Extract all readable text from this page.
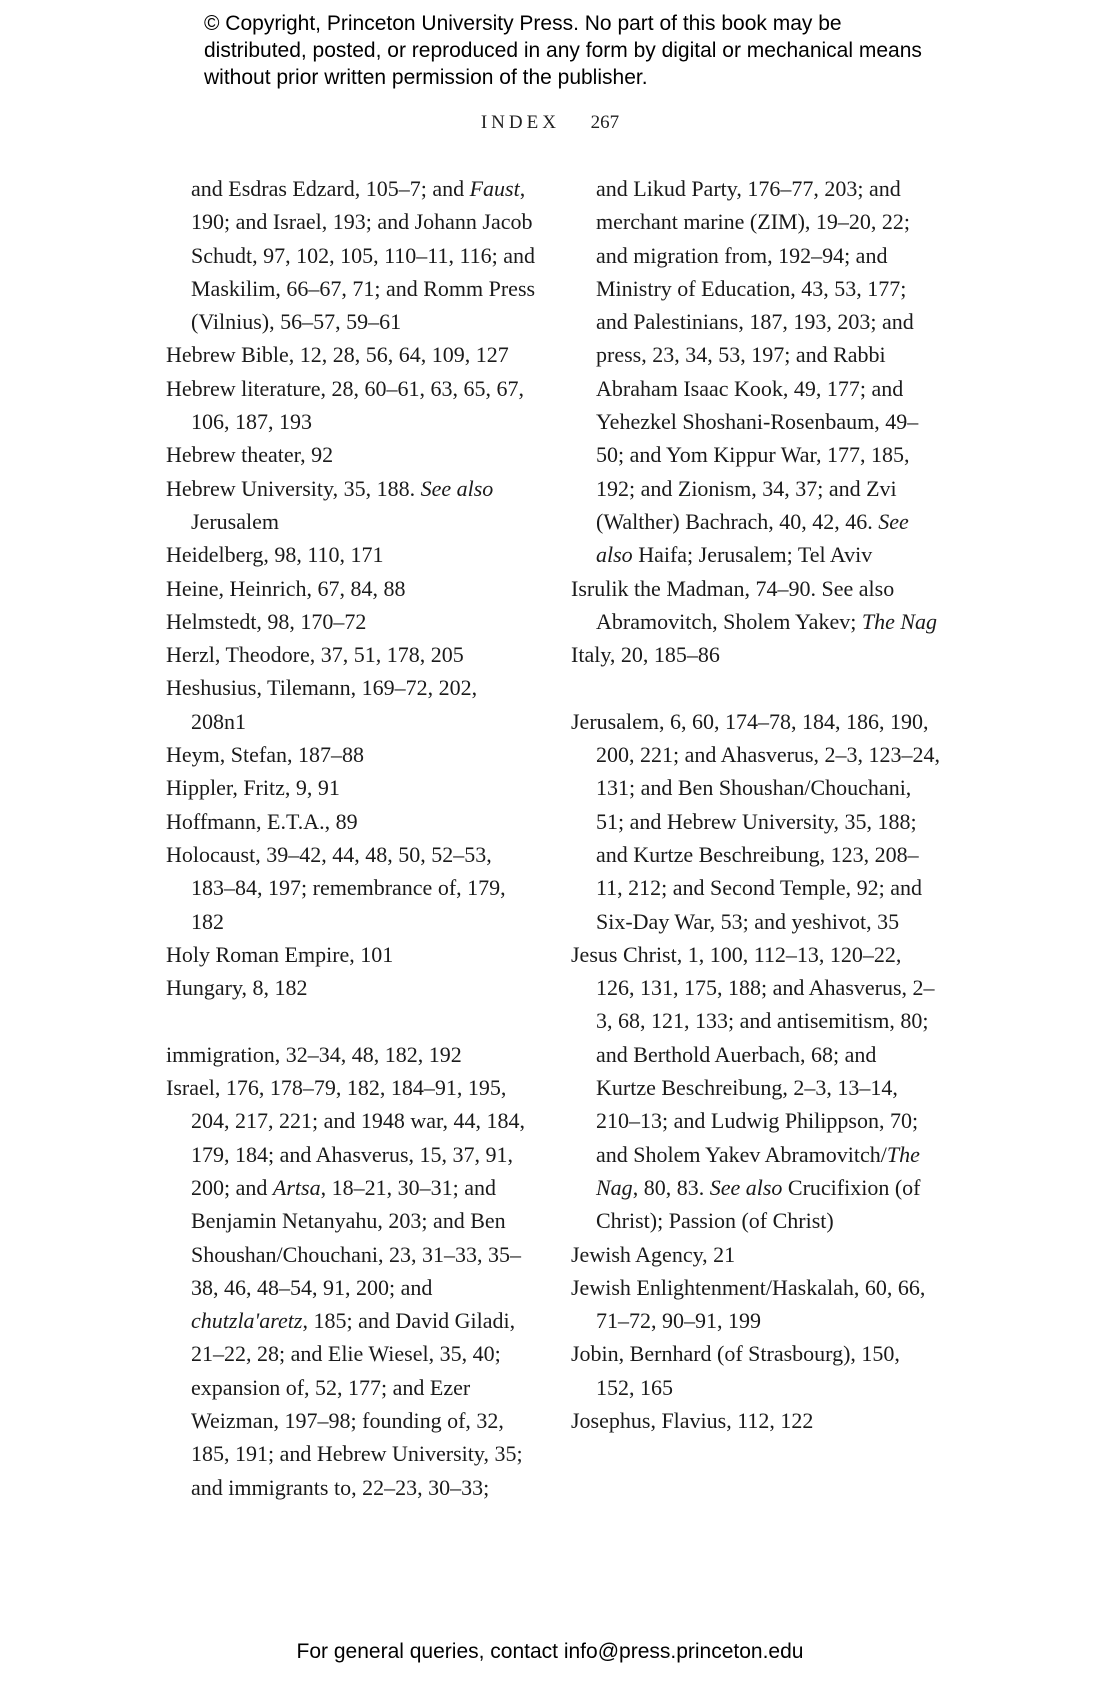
© Copyright, Princeton University Press. No part of this book may be distributed, posted, or reproduced in any form by digital or mechanical means without prior written permission of the publisher.
INDEX 267
and Esdras Edzard, 105–7; and Faust, 190; and Israel, 193; and Johann Jacob Schudt, 97, 102, 105, 110–11, 116; and Maskilim, 66–67, 71; and Romm Press (Vilnius), 56–57, 59–61
Hebrew Bible, 12, 28, 56, 64, 109, 127
Hebrew literature, 28, 60–61, 63, 65, 67, 106, 187, 193
Hebrew theater, 92
Hebrew University, 35, 188. See also Jerusalem
Heidelberg, 98, 110, 171
Heine, Heinrich, 67, 84, 88
Helmstedt, 98, 170–72
Herzl, Theodore, 37, 51, 178, 205
Heshusius, Tilemann, 169–72, 202, 208n1
Heym, Stefan, 187–88
Hippler, Fritz, 9, 91
Hoffmann, E.T.A., 89
Holocaust, 39–42, 44, 48, 50, 52–53, 183–84, 197; remembrance of, 179, 182
Holy Roman Empire, 101
Hungary, 8, 182
immigration, 32–34, 48, 182, 192
Israel, 176, 178–79, 182, 184–91, 195, 204, 217, 221; and 1948 war, 44, 184, 179, 184; and Ahasverus, 15, 37, 91, 200; and Artsa, 18–21, 30–31; and Benjamin Netanyahu, 203; and Ben Shoushan/Chouchani, 23, 31–33, 35–38, 46, 48–54, 91, 200; and chutzla'aretz, 185; and David Giladi, 21–22, 28; and Elie Wiesel, 35, 40; expansion of, 52, 177; and Ezer Weizman, 197–98; founding of, 32, 185, 191; and Hebrew University, 35; and immigrants to, 22–23, 30–33;
and Likud Party, 176–77, 203; and merchant marine (ZIM), 19–20, 22; and migration from, 192–94; and Ministry of Education, 43, 53, 177; and Palestinians, 187, 193, 203; and press, 23, 34, 53, 197; and Rabbi Abraham Isaac Kook, 49, 177; and Yehezkel Shoshani-Rosenbaum, 49–50; and Yom Kippur War, 177, 185, 192; and Zionism, 34, 37; and Zvi (Walther) Bachrach, 40, 42, 46. See also Haifa; Jerusalem; Tel Aviv
Isrulik the Madman, 74–90. See also Abramovitch, Sholem Yakev; The Nag
Italy, 20, 185–86
Jerusalem, 6, 60, 174–78, 184, 186, 190, 200, 221; and Ahasverus, 2–3, 123–24, 131; and Ben Shoushan/Chouchani, 51; and Hebrew University, 35, 188; and Kurtze Beschreibung, 123, 208–11, 212; and Second Temple, 92; and Six-Day War, 53; and yeshivot, 35
Jesus Christ, 1, 100, 112–13, 120–22, 126, 131, 175, 188; and Ahasverus, 2–3, 68, 121, 133; and antisemitism, 80; and Berthold Auerbach, 68; and Kurtze Beschreibung, 2–3, 13–14, 210–13; and Ludwig Philippson, 70; and Sholem Yakev Abramovitch/The Nag, 80, 83. See also Crucifixion (of Christ); Passion (of Christ)
Jewish Agency, 21
Jewish Enlightenment/Haskalah, 60, 66, 71–72, 90–91, 199
Jobin, Bernhard (of Strasbourg), 150, 152, 165
Josephus, Flavius, 112, 122
For general queries, contact info@press.princeton.edu
